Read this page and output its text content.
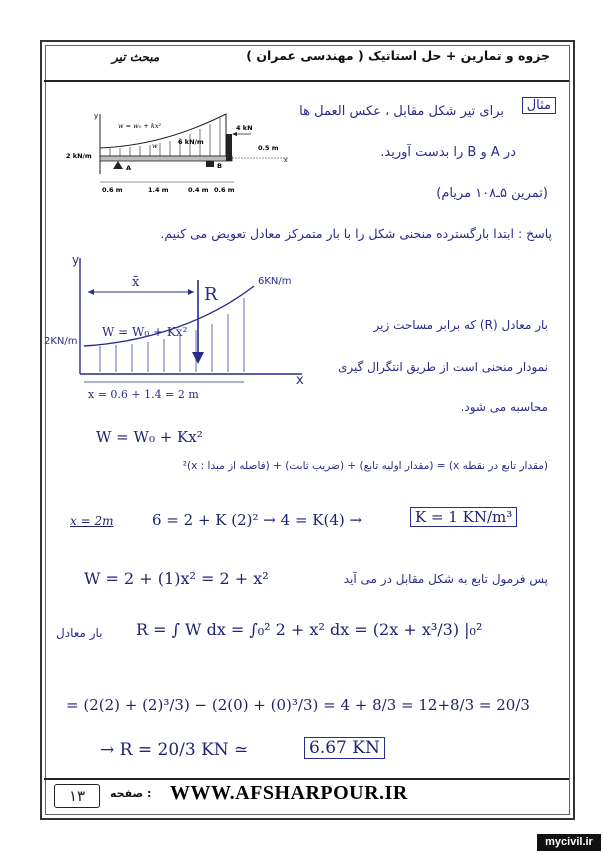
جزوه و تمارین + حل استاتیک ( مهندسی عمران )
مبحث تیر
y
w = w₀ + kx²
w
x
4 kN
0.5 m
6 kN/m
2 kN/m
A	B
0.6 m	1.4 m	0.4 m 0.6 m
مثال
برای تیر شکل مقابل ، عکس العمل ها
در A و B را بدست آورید.
(تمرین ۵ـ۱۰۸ مریام)
پاسخ : ابتدا بارگسترده منحنی شکل را با بار متمرکز معادل تعویض می کنیم.
y
x
x̄
R
6KN/m
2KN/m
W = W₀ + Kx²
x = 0.6 + 1.4 = 2 m
بار معادل (R) که برابر مساحت زیر
نمودار منحنی است از طریق انتگرال گیری
محاسبه می شود.
W = W₀ + Kx²
(مقدار تابع در نقطه x) = (مقدار اولیه تابع) + (ضریب ثابت) + (فاصله از مبدا : x)²
x = 2m	6 = 2 + K (2)² → 4 = K(4) →	K = 1 KN/m³
W = 2 + (1)x² = 2 + x²	پس فرمول تابع به شکل مقابل در می آید
بار معادل R = ∫ W dx = ∫₀² 2 + x² dx = (2x + x³/3) |₀²
= (2(2) + (2)³/3) − (2(0) + (0)³/3) = 4 + 8/3 = 12+8/3 = 20/3
→ R = 20/3 KN ≃	6.67 KN
۱۳	صفحه : WWW.AFSHARPOUR.IR
mycivil.ir
